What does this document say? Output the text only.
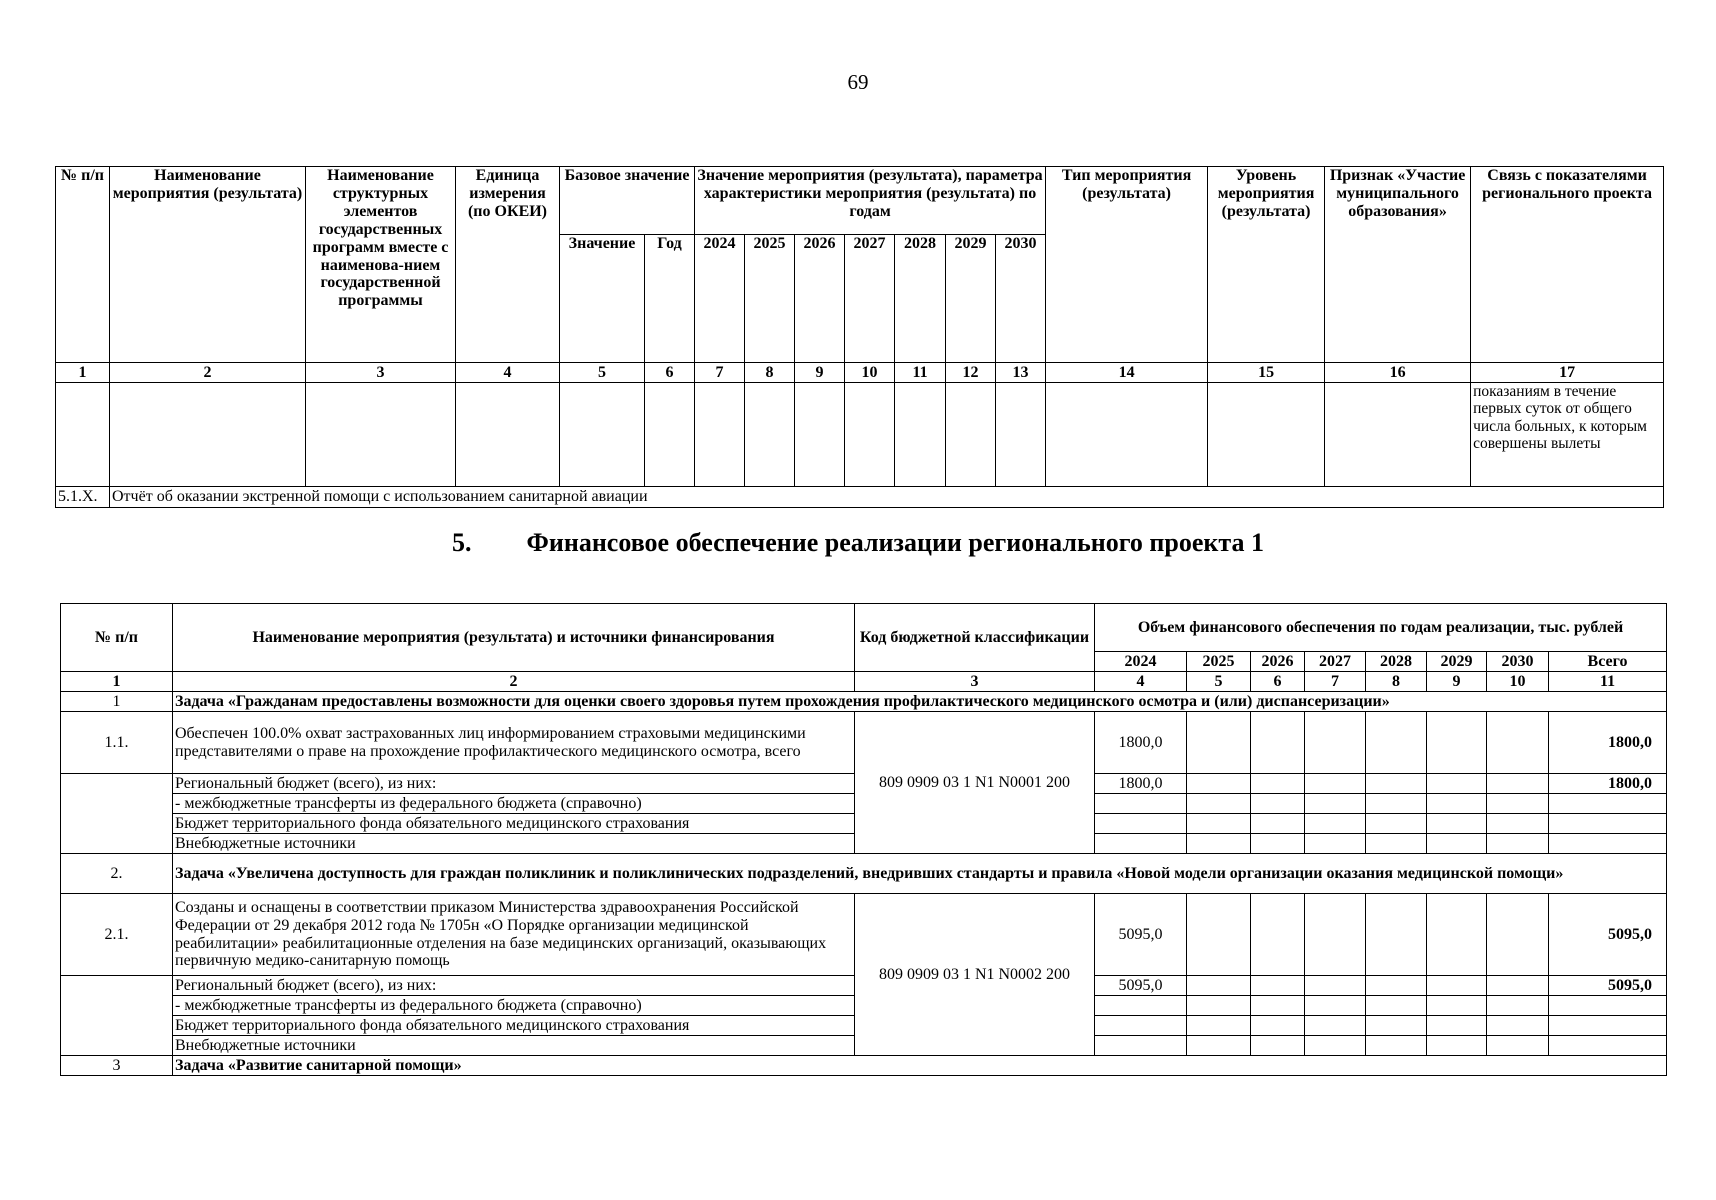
69
№ п/п	Наименование мероприятия (результата)	Наименование структурных элементов государственных программ вместе с наименова-нием государственной программы	Единица измерения (по ОКЕИ)	Базовое значение		Значение мероприятия (результата), параметра характеристики мероприятия (результата) по годам							Тип мероприятия (результата)	Уровень мероприятия (результата)	Признак «Участие муниципального образования»	Связь с показателями регионального проекта
				Значение	Год	2024	2025	2026	2027	2028	2029	2030				
1	2	3	4	5	6	7	8	9	10	11	12	13	14	15	16	17
																показаниям в течение первых суток от общего числа больных, к которым совершены вылеты
5.1.Х.	Отчёт об оказании экстренной помощи с использованием санитарной авиации															
5. Финансовое обеспечение реализации регионального проекта 1
№ п/п	Наименование мероприятия (результата) и источники финансирования	Код бюджетной классификации	Объем финансового обеспечения по годам реализации, тыс. рублей							
			2024	2025	2026	2027	2028	2029	2030	Всего
1	2	3	4	5	6	7	8	9	10	11
1	Задача «Гражданам предоставлены возможности для оценки своего здоровья путем прохождения профилактического медицинского осмотра и (или) диспансеризации»									
1.1.	Обеспечен 100.0% охват застрахованных лиц информированием страховыми медицинскими представителями о праве на прохождение профилактического медицинского осмотра, всего	809 0909 03 1 N1 N0001 200	1800,0							1800,0
	Региональный бюджет (всего), из них:		1800,0							1800,0
	- межбюджетные трансферты из федерального бюджета (справочно)									
	Бюджет территориального фонда обязательного медицинского страхования									
	Внебюджетные источники									
2.	Задача «Увеличена доступность для граждан поликлиник и поликлинических подразделений, внедривших стандарты и правила «Новой модели организации оказания медицинской помощи»									
2.1.	Созданы и оснащены в соответствии приказом Министерства здравоохранения Российской Федерации от 29 декабря 2012 года № 1705н «О Порядке организации медицинской реабилитации» реабилитационные отделения на базе медицинских организаций, оказывающих первичную медико-санитарную помощь	809 0909 03 1 N1 N0002 200	5095,0							5095,0
	Региональный бюджет (всего), из них:		5095,0							5095,0
	- межбюджетные трансферты из федерального бюджета (справочно)									
	Бюджет территориального фонда обязательного медицинского страхования									
	Внебюджетные источники									
3	Задача «Развитие санитарной помощи»									
